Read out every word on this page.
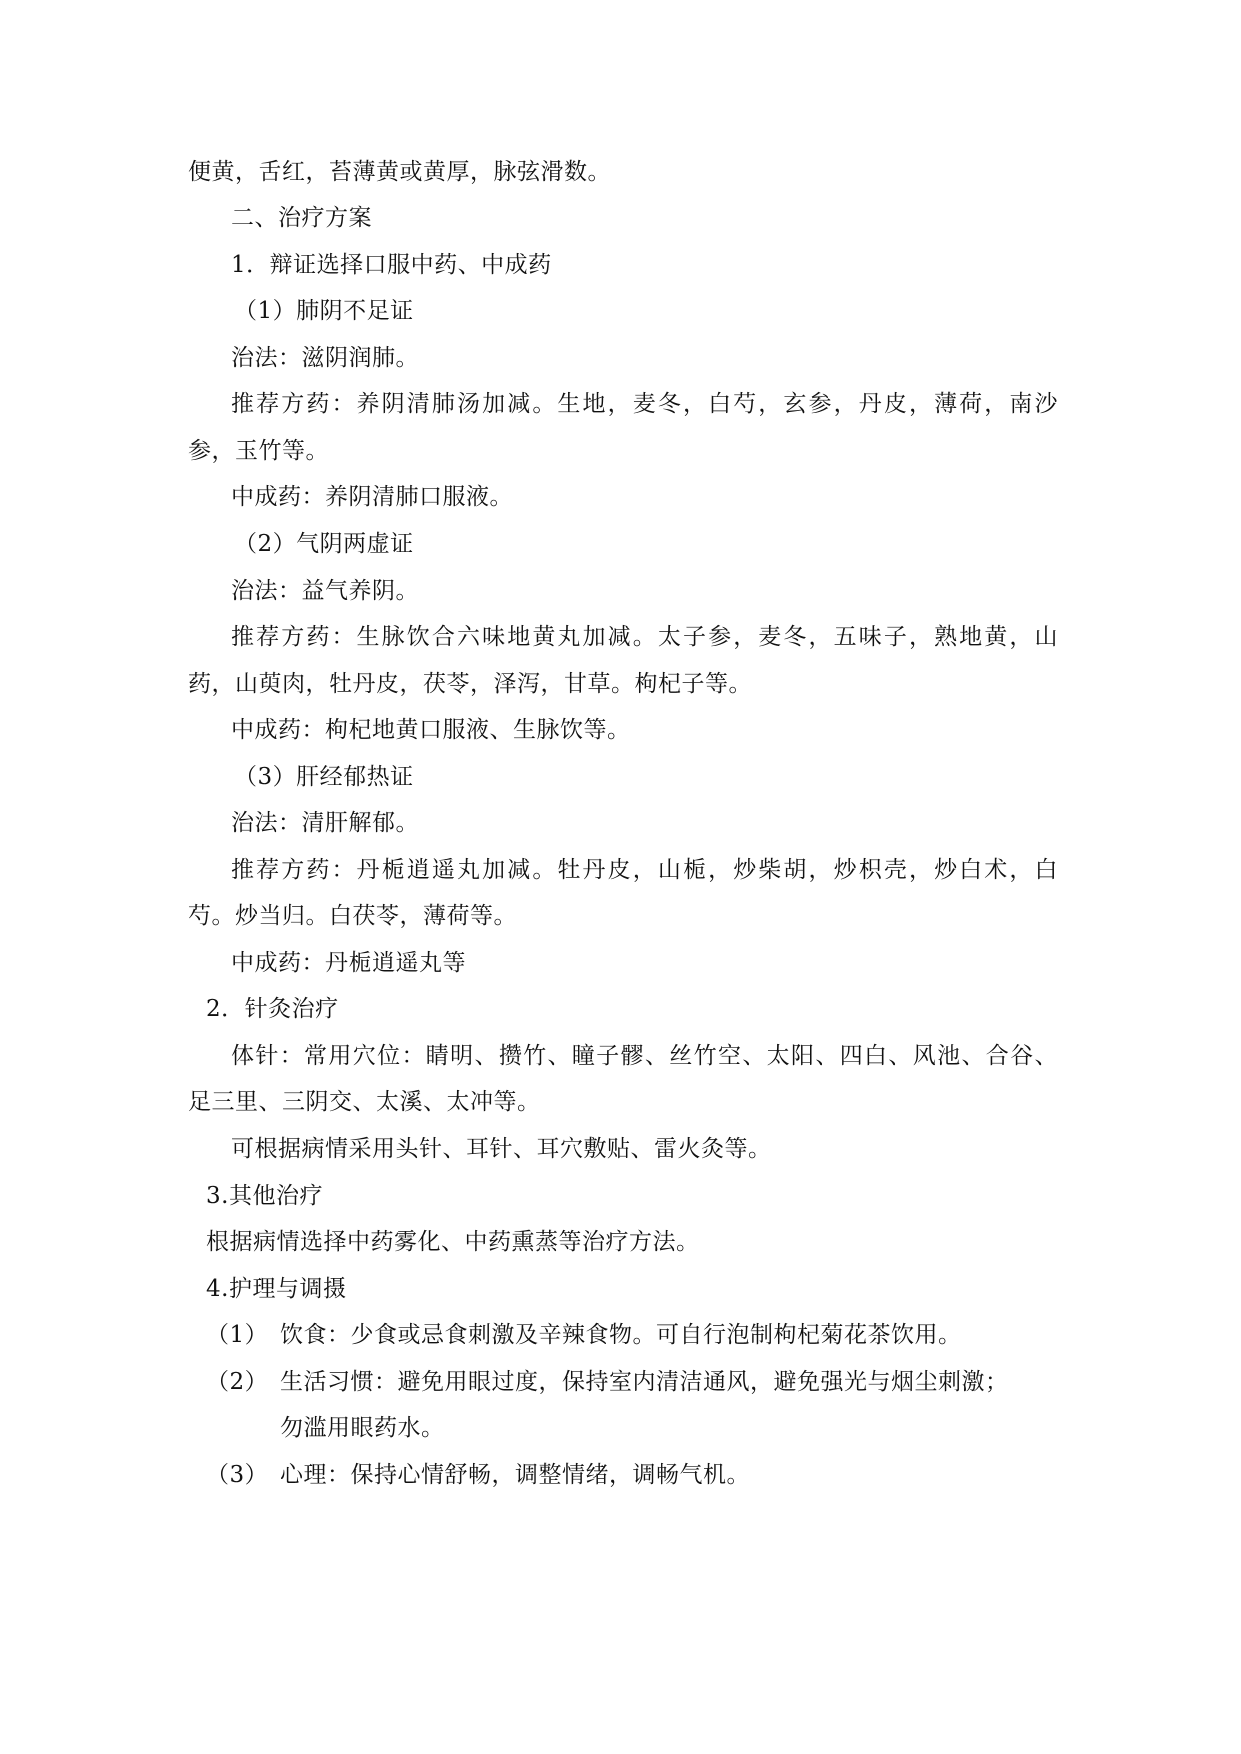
便黄，舌红，苔薄黄或黄厚，脉弦滑数。
二、治疗方案
1．辩证选择口服中药、中成药
（1）肺阴不足证
治法：滋阴润肺。
推荐方药：养阴清肺汤加减。生地，麦冬，白芍，玄参，丹皮，薄荷，南沙
参，玉竹等。
中成药：养阴清肺口服液。
（2）气阴两虚证
治法：益气养阴。
推荐方药：生脉饮合六味地黄丸加减。太子参，麦冬，五味子，熟地黄，山
药，山萸肉，牡丹皮，茯苓，泽泻，甘草。枸杞子等。
中成药：枸杞地黄口服液、生脉饮等。
（3）肝经郁热证
治法：清肝解郁。
推荐方药：丹栀逍遥丸加减。牡丹皮，山栀，炒柴胡，炒枳壳，炒白术，白
芍。炒当归。白茯苓，薄荷等。
中成药：丹栀逍遥丸等
2．针灸治疗
体针：常用穴位：睛明、攒竹、瞳子髎、丝竹空、太阳、四白、风池、合谷、
足三里、三阴交、太溪、太冲等。
可根据病情采用头针、耳针、耳穴敷贴、雷火灸等。
3.其他治疗
根据病情选择中药雾化、中药熏蒸等治疗方法。
4.护理与调摄
（1） 饮食：少食或忌食刺激及辛辣食物。可自行泡制枸杞菊花茶饮用。
（2） 生活习惯：避免用眼过度，保持室内清洁通风，避免强光与烟尘刺激；
勿滥用眼药水。
（3） 心理：保持心情舒畅，调整情绪，调畅气机。
